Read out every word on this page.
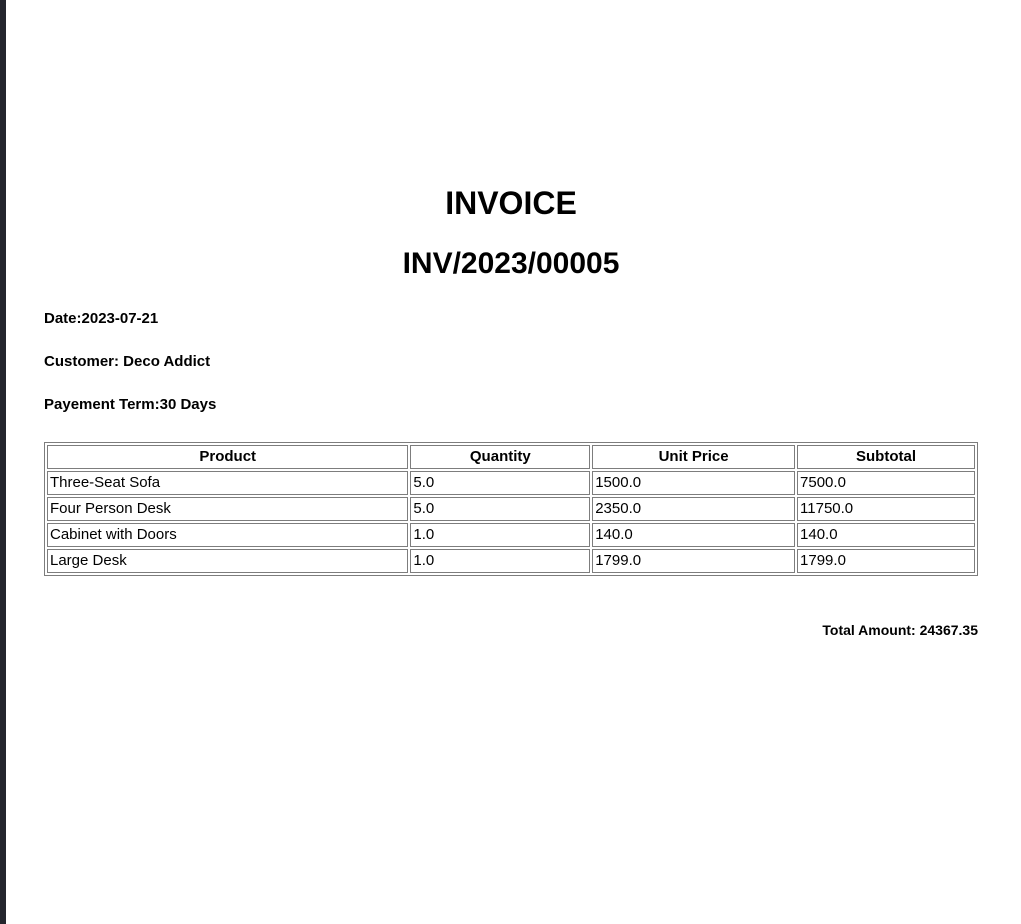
INVOICE
INV/2023/00005

Date:2023-07-21

Customer: Deco Addict

Payement Term:30 Days

Product	Quantity	Unit Price	Subtotal
Three-Seat Sofa	5.0	1500.0	7500.0
Four Person Desk	5.0	2350.0	11750.0
Cabinet with Doors	1.0	140.0	140.0
Large Desk	1.0	1799.0	1799.0
Total Amount: 24367.35
